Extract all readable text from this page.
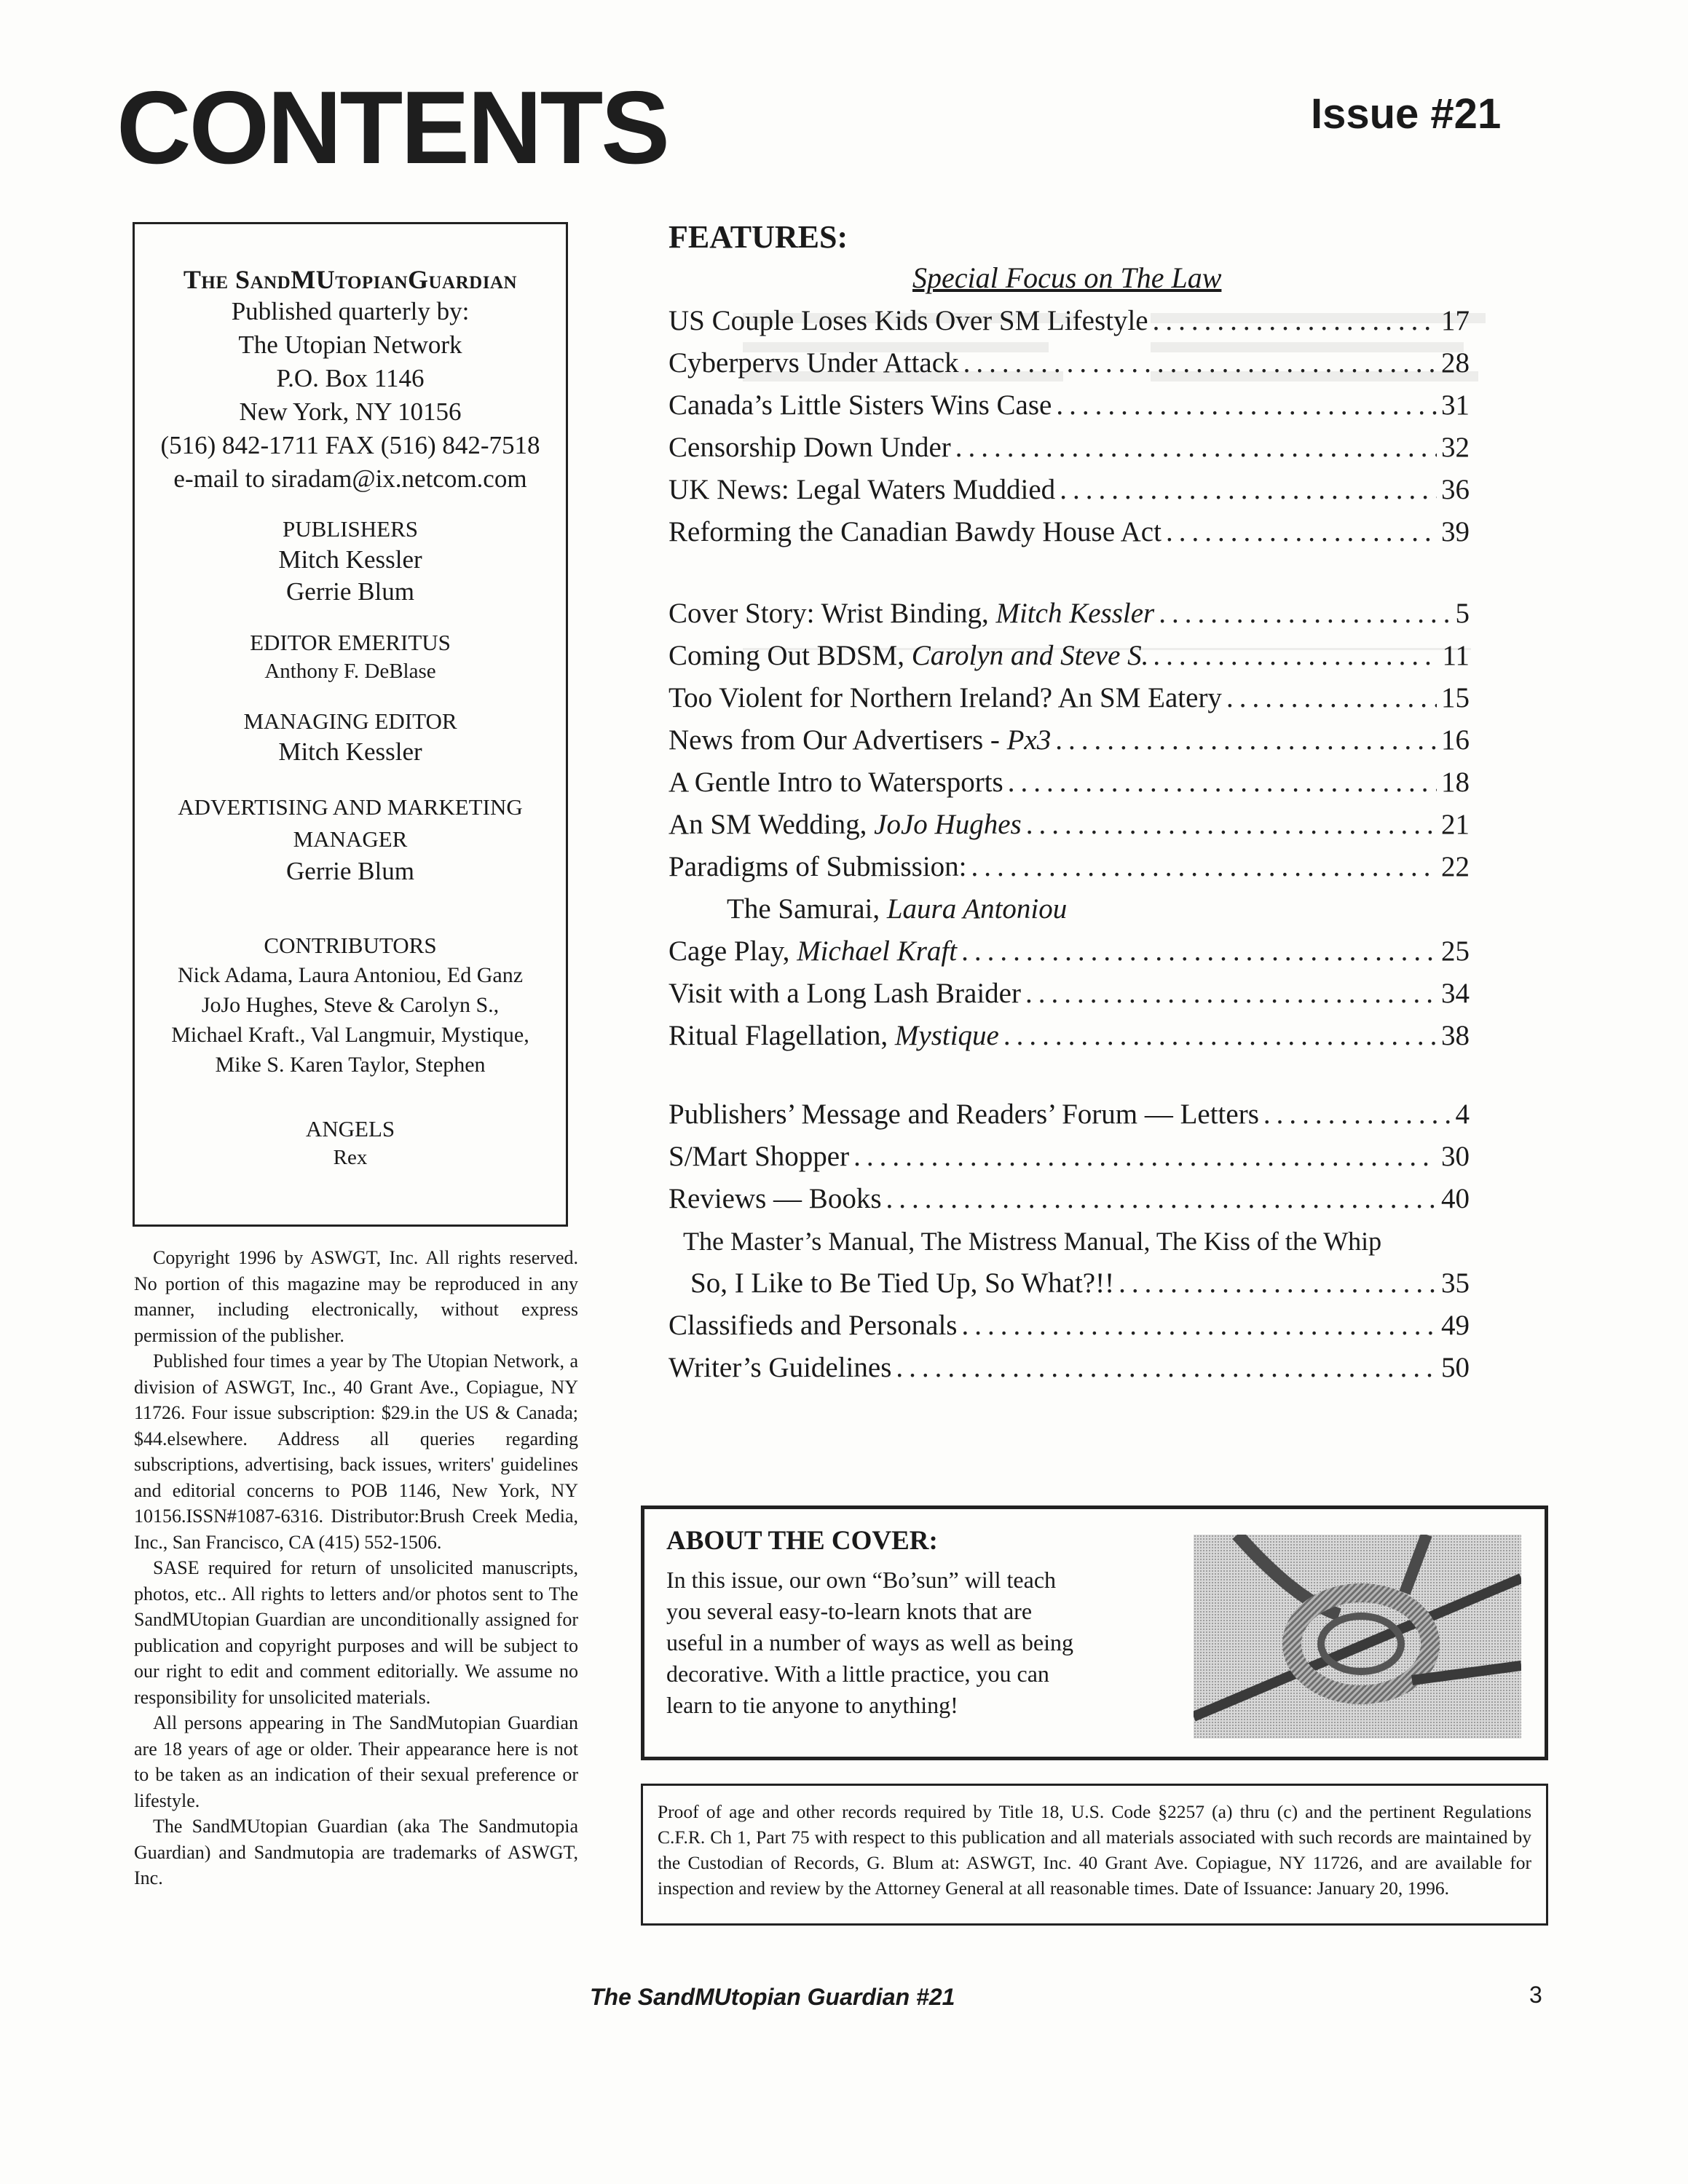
CONTENTS	Issue #21
The SandMUtopianGuardian
Published quarterly by:
The Utopian Network
P.O. Box 1146
New York, NY 10156
(516) 842-1711 FAX (516) 842-7518
e-mail to siradam@ix.netcom.com
PUBLISHERS
Mitch Kessler
Gerrie Blum
EDITOR EMERITUS
Anthony F. DeBlase
MANAGING EDITOR
Mitch Kessler
ADVERTISING AND MARKETING
MANAGER
Gerrie Blum
CONTRIBUTORS
Nick Adama, Laura Antoniou, Ed Ganz
JoJo Hughes, Steve & Carolyn S.,
Michael Kraft., Val Langmuir, Mystique,
Mike S. Karen Taylor, Stephen
ANGELS
Rex

Copyright 1996 by ASWGT, Inc. All rights reserved. No portion of this magazine may be reproduced in any manner, including electronically, without express permission of the publisher.

Published four times a year by The Utopian Network, a division of ASWGT, Inc., 40 Grant Ave., Copiague, NY 11726. Four issue subscription: $29.in the US & Canada; $44.elsewhere. Address all queries regarding subscriptions, advertising, back issues, writers' guidelines and editorial concerns to POB 1146, New York, NY 10156.ISSN#1087-6316. Distributor:Brush Creek Media, Inc., San Francisco, CA (415) 552-1506.

SASE required for return of unsolicited manuscripts, photos, etc.. All rights to letters and/or photos sent to The SandMUtopian Guardian are unconditionally assigned for publication and copyright purposes and will be subject to our right to edit and comment editorially. We assume no responsibility for unsolicited materials.

All persons appearing in The SandMutopian Guardian are 18 years of age or older. Their appearance here is not to be taken as an indication of their sexual preference or lifestyle.

The SandMUtopian Guardian (aka The Sandmutopia Guardian) and Sandmutopia are trademarks of ASWGT, Inc.

FEATURES:
Special Focus on The Law
US Couple Loses Kids Over SM Lifestyle .....	17
Cyberpervs Under Attack .....	28
Canada’s Little Sisters Wins Case .....	31
Censorship Down Under .....	32
UK News: Legal Waters Muddied .....	36
Reforming the Canadian Bawdy House Act .....	39
Cover Story: Wrist Binding, Mitch Kessler .....	5
Coming Out BDSM, Carolyn and Steve S. .....	11
Too Violent for Northern Ireland? An SM Eatery .....	15
News from Our Advertisers - Px3 .....	16
A Gentle Intro to Watersports .....	18
An SM Wedding, JoJo Hughes .....	21
Paradigms of Submission: .....	22
The Samurai, Laura Antoniou
Cage Play, Michael Kraft .....	25
Visit with a Long Lash Braider .....	34
Ritual Flagellation, Mystique .....	38
Publishers’ Message and Readers’ Forum — Letters .....	4
S/Mart Shopper .....	30
Reviews — Books .....	40
The Master’s Manual, The Mistress Manual, The Kiss of the Whip
So, I Like to Be Tied Up, So What?!! .....	35
Classifieds and Personals .....	49
Writer’s Guidelines .....	50
ABOUT THE COVER:
In this issue, our own “Bo’sun” will teach you several easy-to-learn knots that are useful in a number of ways as well as being decorative. With a little practice, you can learn to tie anyone to anything!
Proof of age and other records required by Title 18, U.S. Code §2257 (a) thru (c) and the pertinent Regulations C.F.R. Ch 1, Part 75 with respect to this publication and all materials associated with such records are maintained by the Custodian of Records, G. Blum at: ASWGT, Inc. 40 Grant Ave. Copiague, NY 11726, and are available for inspection and review by the Attorney General at all reasonable times. Date of Issuance: January 20, 1996.
The SandMUtopian Guardian #21	3
